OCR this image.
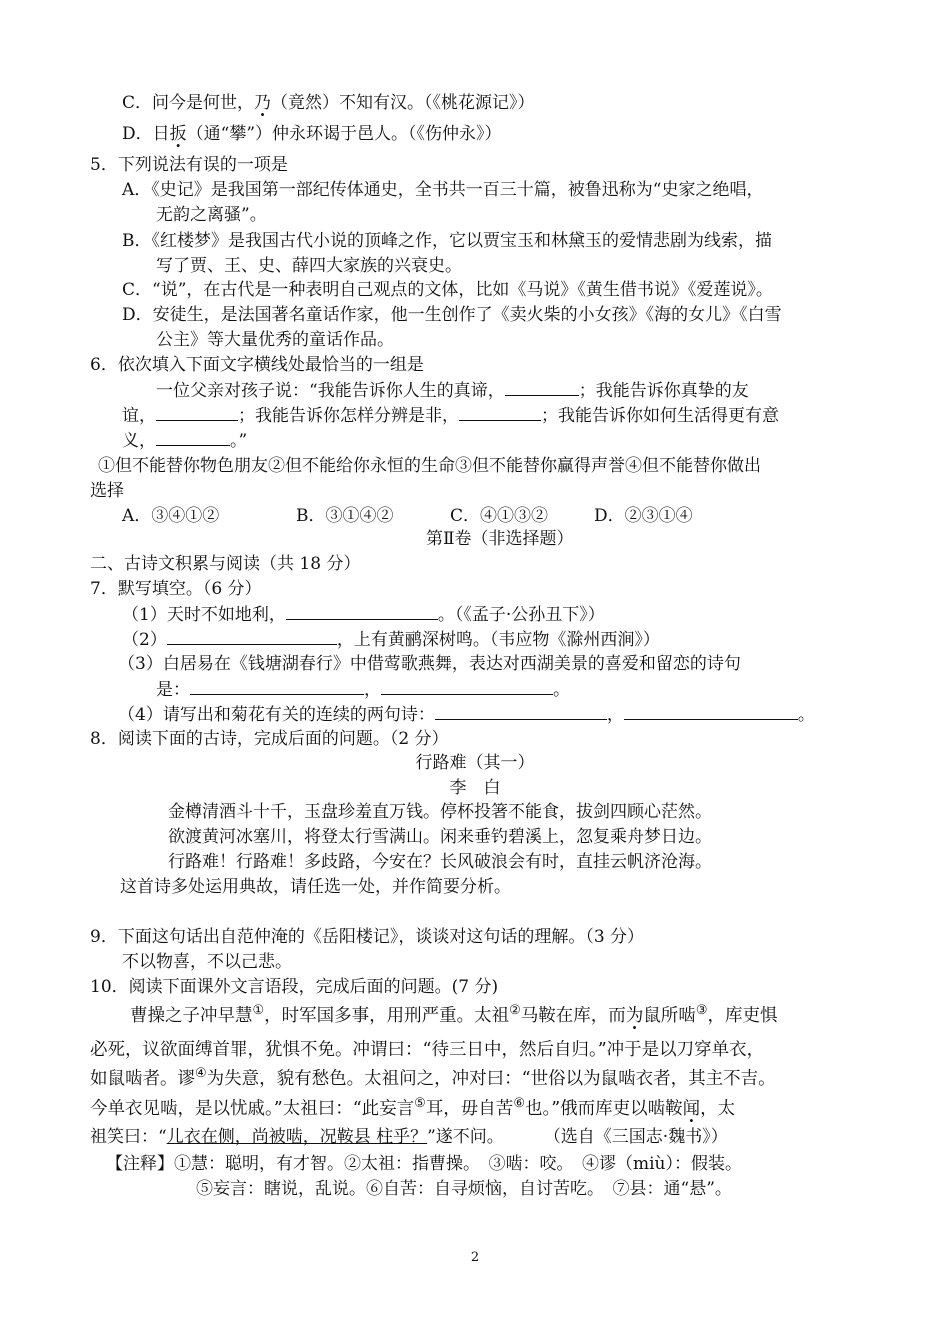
C．问今是何世，乃（竟然）不知有汉。（《桃花源记》）
D．日扳（通“攀”）仲永环谒于邑人。（《伤仲永》）
5．下列说法有误的一项是
A．《史记》是我国第一部纪传体通史，全书共一百三十篇，被鲁迅称为“史家之绝唱，
无韵之离骚”。
B．《红楼梦》是我国古代小说的顶峰之作，它以贾宝玉和林黛玉的爱情悲剧为线索，描
写了贾、王、史、薛四大家族的兴衰史。
C．“说”，在古代是一种表明自己观点的文体，比如《马说》《黄生借书说》《爱莲说》。
D．安徒生，是法国著名童话作家，他一生创作了《卖火柴的小女孩》《海的女儿》《白雪
公主》等大量优秀的童话作品。
6．依次填入下面文字横线处最恰当的一组是
一位父亲对孩子说：“我能告诉你人生的真谛，	；我能告诉你真挚的友
谊，	；我能告诉你怎样分辨是非，	；我能告诉你如何生活得更有意
义，	。”
①但不能替你物色朋友②但不能给你永恒的生命③但不能替你赢得声誉④但不能替你做出
选择
A．③④①②	B．③①④②	C．④①③②	D．②③①④
第Ⅱ卷（非选择题）
二、古诗文积累与阅读（共 18 分）
7．默写填空。（6 分）
（1）天时不如地利，	。（《孟子·公孙丑下》）
（2）	，上有黄鹂深树鸣。（韦应物《滁州西涧》）
（3）白居易在《钱塘湖春行》中借莺歌燕舞，表达对西湖美景的喜爱和留恋的诗句
是：	，	。
（4）请写出和菊花有关的连续的两句诗：	，	。
8．阅读下面的古诗，完成后面的问题。（2 分）
行路难（其一）
李　白
金樽清酒斗十千，玉盘珍羞直万钱。停杯投箸不能食，拔剑四顾心茫然。
欲渡黄河冰塞川，将登太行雪满山。闲来垂钓碧溪上，忽复乘舟梦日边。
行路难！行路难！多歧路，今安在？长风破浪会有时，直挂云帆济沧海。
这首诗多处运用典故，请任选一处，并作简要分析。
9．下面这句话出自范仲淹的《岳阳楼记》，谈谈对这句话的理解。（3 分）
不以物喜，不以己悲。
10．阅读下面课外文言语段，完成后面的问题。(7 分)
曹操之子冲早慧①，时军国多事，用刑严重。太祖②马鞍在库，而为鼠所啮③，库吏惧
必死，议欲面缚首罪，犹惧不免。冲谓曰：“待三日中，然后自归。”冲于是以刀穿单衣，
如鼠啮者。谬④为失意，貌有愁色。太祖问之，冲对曰：“世俗以为鼠啮衣者，其主不吉。
今单衣见啮，是以忧戚。”太祖曰：“此妄言⑤耳，毋自苦⑥也。”俄而库吏以啮鞍闻，太
祖笑曰：“儿衣在侧，尚被啮，况鞍县 柱乎？”遂不问。 （选自《三国志·魏书》）
【注释】①慧：聪明，有才智。②太祖：指曹操。　③啮：咬。　④谬（miù）：假装。
⑤妄言：瞎说，乱说。⑥自苦：自寻烦恼，自讨苦吃。　⑦县：通“悬”。
2
